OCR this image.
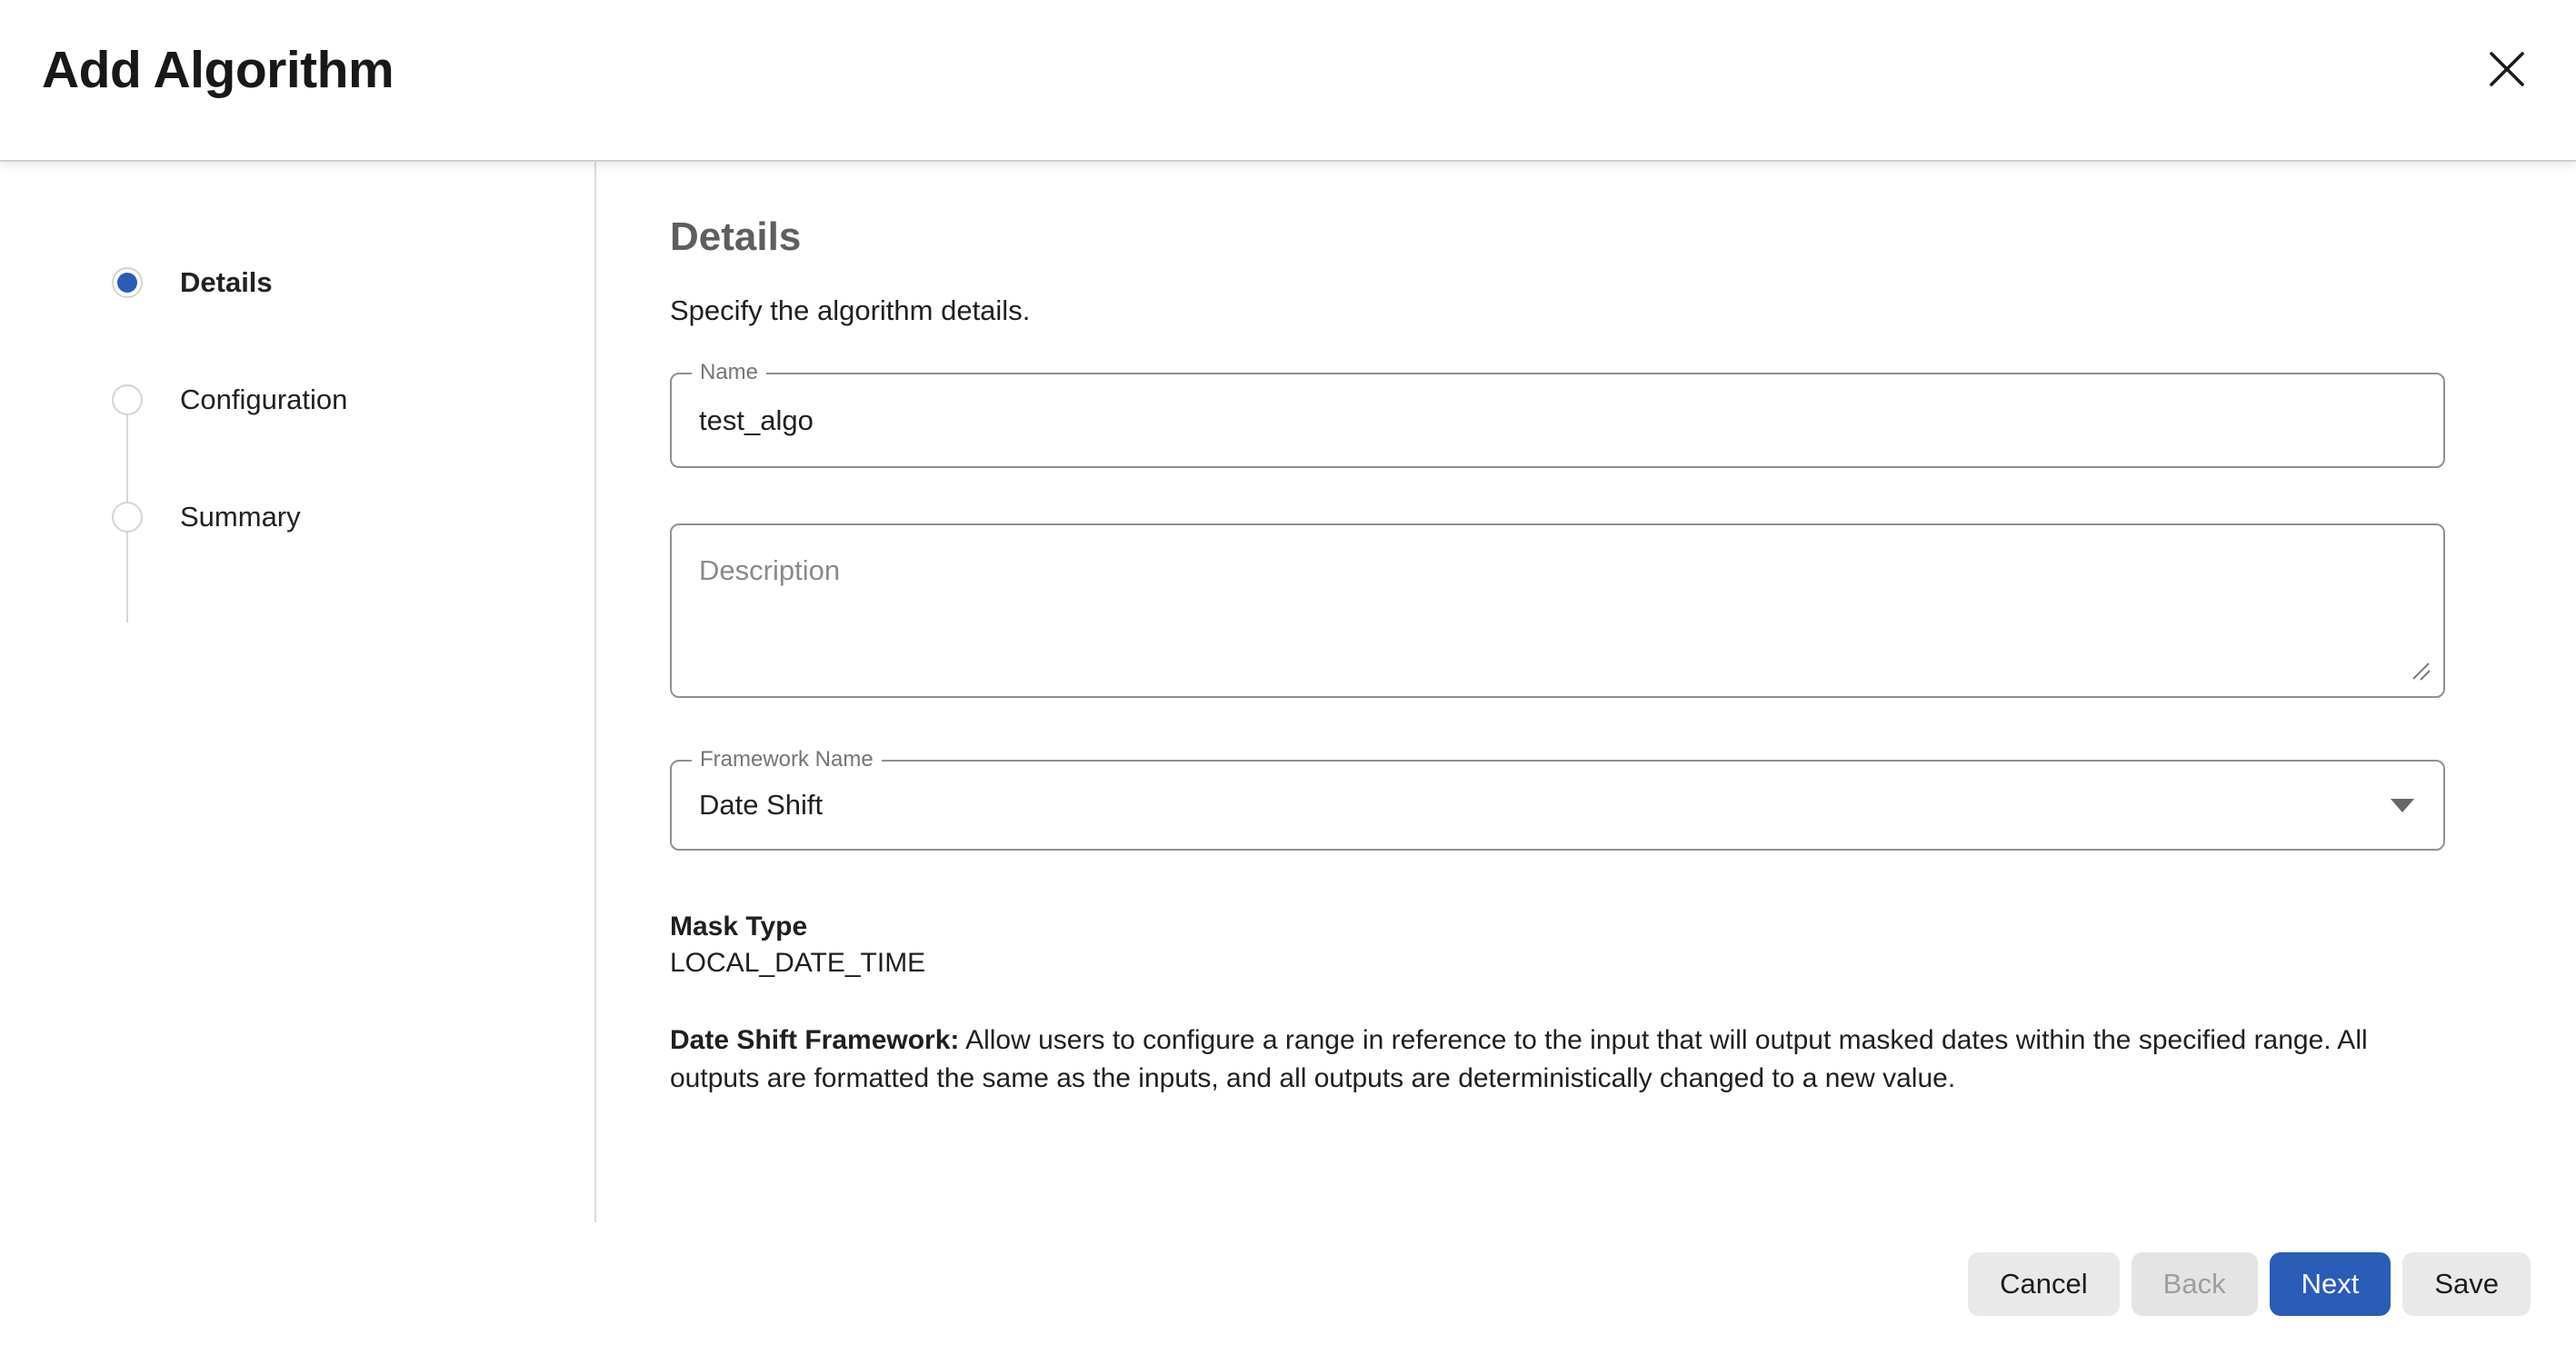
Add Algorithm
Details
Configuration
Summary
Details

Specify the algorithm details.

Name
test_algo
Description
Framework Name
Date Shift
Mask Type
LOCAL_DATE_TIME

Date Shift Framework: Allow users to configure a range in reference to the input that will output masked dates within the specified range. All outputs are formatted the same as the inputs, and all outputs are deterministically changed to a new value.

Cancel	Back	Next	Save
